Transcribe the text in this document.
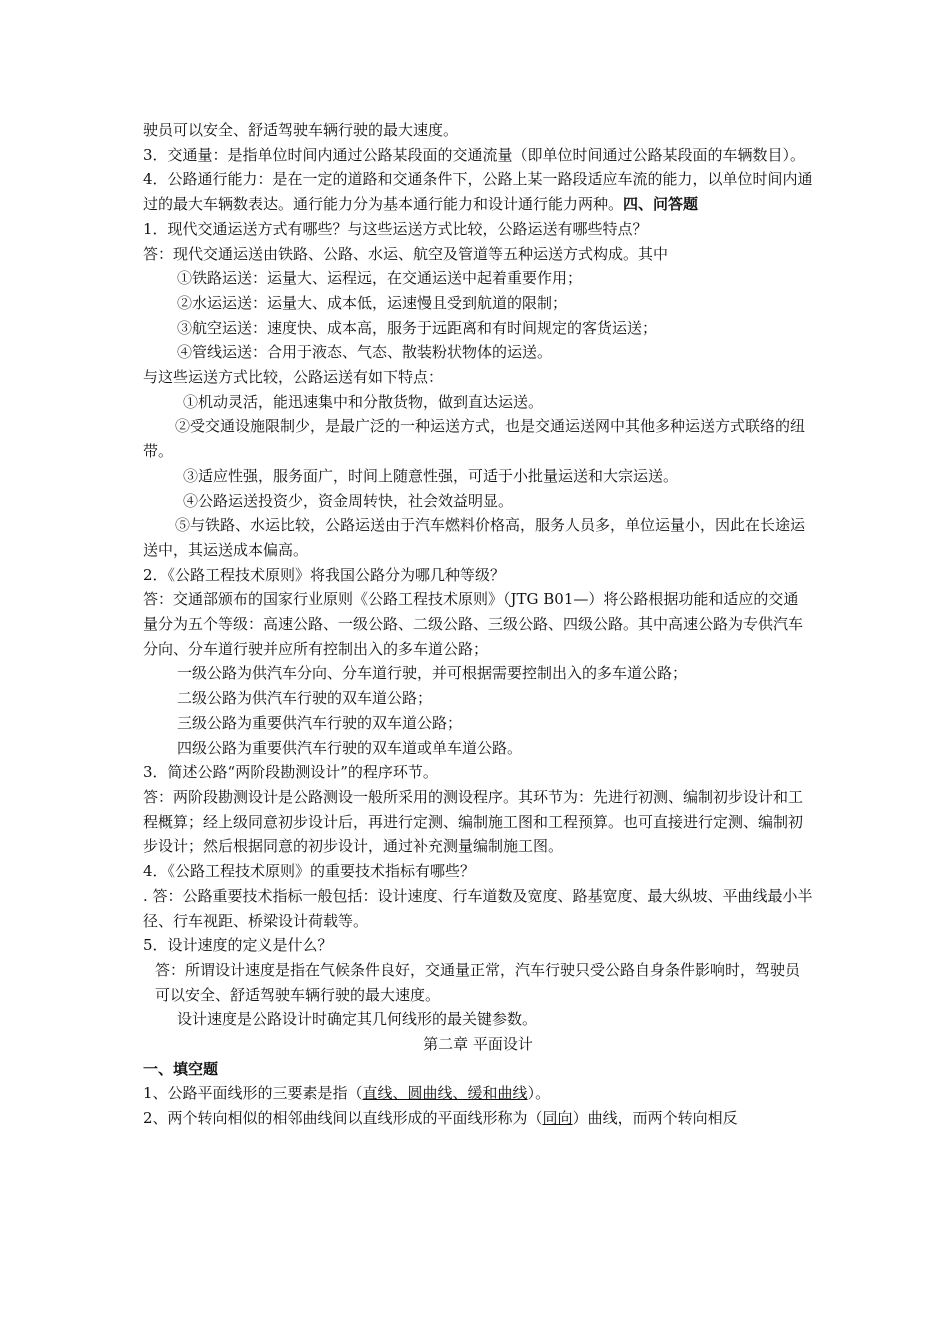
驶员可以安全、舒适驾驶车辆行驶的最大速度。

3．交通量：是指单位时间内通过公路某段面的交通流量（即单位时间通过公路某段面的车辆数目）。

4．公路通行能力：是在一定的道路和交通条件下，公路上某一路段适应车流的能力，以单位时间内通过的最大车辆数表达。通行能力分为基本通行能力和设计通行能力两种。四、问答题

1．现代交通运送方式有哪些？与这些运送方式比较，公路运送有哪些特点？

答：现代交通运送由铁路、公路、水运、航空及管道等五种运送方式构成。其中

①铁路运送：运量大、运程远，在交通运送中起着重要作用；

②水运运送：运量大、成本低，运速慢且受到航道的限制；

③航空运送：速度快、成本高，服务于远距离和有时间规定的客货运送；

④管线运送：合用于液态、气态、散装粉状物体的运送。

与这些运送方式比较，公路运送有如下特点：

①机动灵活，能迅速集中和分散货物，做到直达运送。

②受交通设施限制少，是最广泛的一种运送方式，也是交通运送网中其他多种运送方式联络的纽带。

③适应性强，服务面广，时间上随意性强，可适于小批量运送和大宗运送。

④公路运送投资少，资金周转快，社会效益明显。

⑤与铁路、水运比较，公路运送由于汽车燃料价格高，服务人员多，单位运量小，因此在长途运送中，其运送成本偏高。

2．《公路工程技术原则》将我国公路分为哪几种等级？

答：交通部颁布的国家行业原则《公路工程技术原则》（JTG B01—）将公路根据功能和适应的交通量分为五个等级：高速公路、一级公路、二级公路、三级公路、四级公路。其中高速公路为专供汽车分向、分车道行驶并应所有控制出入的多车道公路；

一级公路为供汽车分向、分车道行驶，并可根据需要控制出入的多车道公路；

二级公路为供汽车行驶的双车道公路；

三级公路为重要供汽车行驶的双车道公路；

四级公路为重要供汽车行驶的双车道或单车道公路。

3．简述公路“两阶段勘测设计”的程序环节。

答：两阶段勘测设计是公路测设一般所采用的测设程序。其环节为：先进行初测、编制初步设计和工程概算；经上级同意初步设计后，再进行定测、编制施工图和工程预算。也可直接进行定测、编制初步设计；然后根据同意的初步设计，通过补充测量编制施工图。

4．《公路工程技术原则》的重要技术指标有哪些？

. 答：公路重要技术指标一般包括：设计速度、行车道数及宽度、路基宽度、最大纵坡、平曲线最小半径、行车视距、桥梁设计荷载等。

5．设计速度的定义是什么？

答：所谓设计速度是指在气候条件良好，交通量正常，汽车行驶只受公路自身条件影响时，驾驶员可以安全、舒适驾驶车辆行驶的最大速度。

设计速度是公路设计时确定其几何线形的最关键参数。

第二章 平面设计

一、填空题

1、公路平面线形的三要素是指（直线、圆曲线、缓和曲线）。

2、两个转向相似的相邻曲线间以直线形成的平面线形称为（同向）曲线，而两个转向相反
